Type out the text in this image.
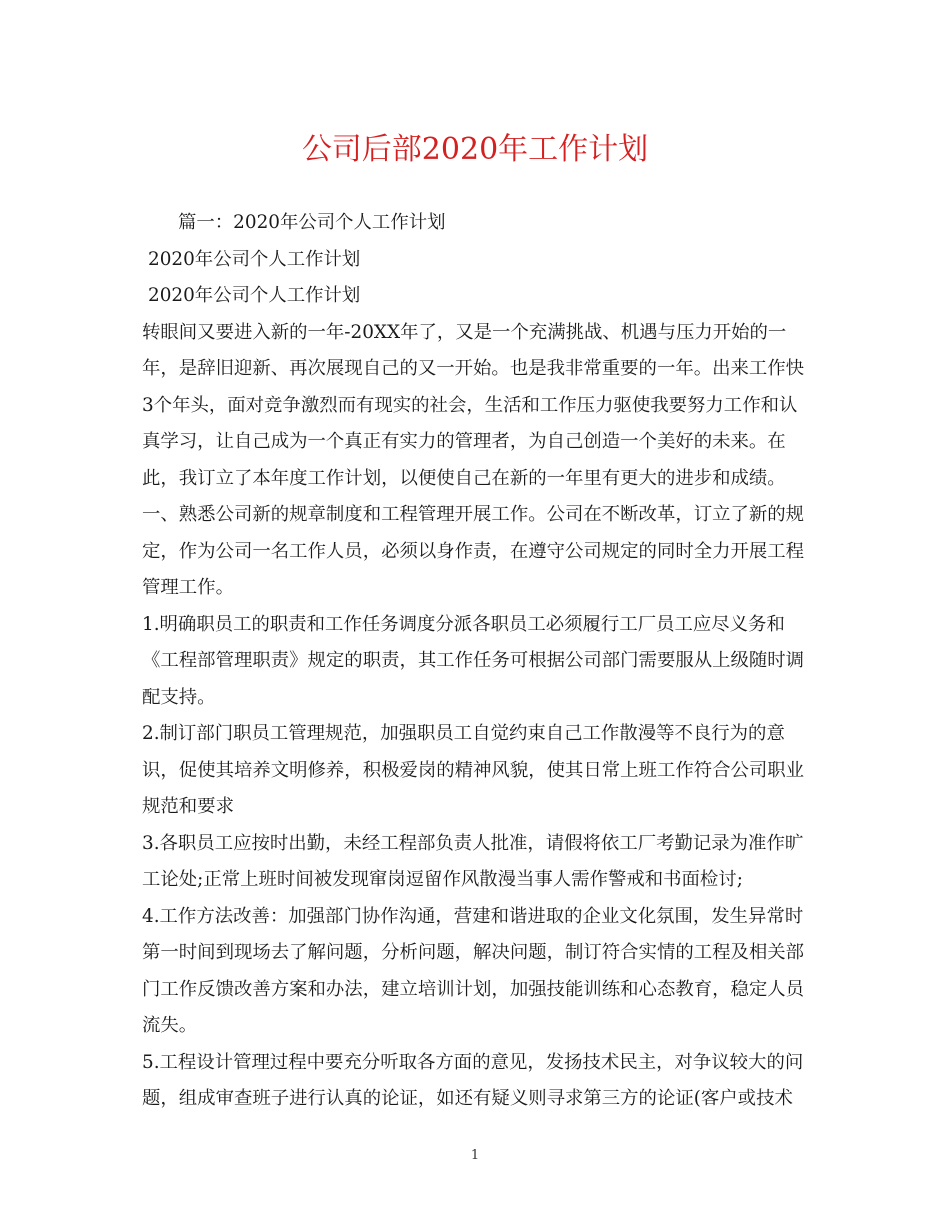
公司后部2020年工作计划
篇一：2020年公司个人工作计划
2020年公司个人工作计划
2020年公司个人工作计划
转眼间又要进入新的一年-20XX年了，又是一个充满挑战、机遇与压力开始的一
年，是辞旧迎新、再次展现自己的又一开始。也是我非常重要的一年。出来工作快
3个年头，面对竞争激烈而有现实的社会，生活和工作压力驱使我要努力工作和认
真学习，让自己成为一个真正有实力的管理者，为自己创造一个美好的未来。在
此，我订立了本年度工作计划，以便使自己在新的一年里有更大的进步和成绩。
一、熟悉公司新的规章制度和工程管理开展工作。公司在不断改革，订立了新的规
定，作为公司一名工作人员，必须以身作责，在遵守公司规定的同时全力开展工程
管理工作。
1.明确职员工的职责和工作任务调度分派各职员工必须履行工厂员工应尽义务和
《工程部管理职责》规定的职责，其工作任务可根据公司部门需要服从上级随时调
配支持。
2.制订部门职员工管理规范，加强职员工自觉约束自己工作散漫等不良行为的意
识，促使其培养文明修养，积极爱岗的精神风貌，使其日常上班工作符合公司职业
规范和要求
3.各职员工应按时出勤，未经工程部负责人批准，请假将依工厂考勤记录为准作旷
工论处;正常上班时间被发现窜岗逗留作风散漫当事人需作警戒和书面检讨;
4.工作方法改善：加强部门协作沟通，营建和谐进取的企业文化氛围，发生异常时
第一时间到现场去了解问题，分析问题，解决问题，制订符合实情的工程及相关部
门工作反馈改善方案和办法，建立培训计划，加强技能训练和心态教育，稳定人员
流失。
5.工程设计管理过程中要充分听取各方面的意见，发扬技术民主，对争议较大的问
题，组成审查班子进行认真的论证，如还有疑义则寻求第三方的论证(客户或技术
1
